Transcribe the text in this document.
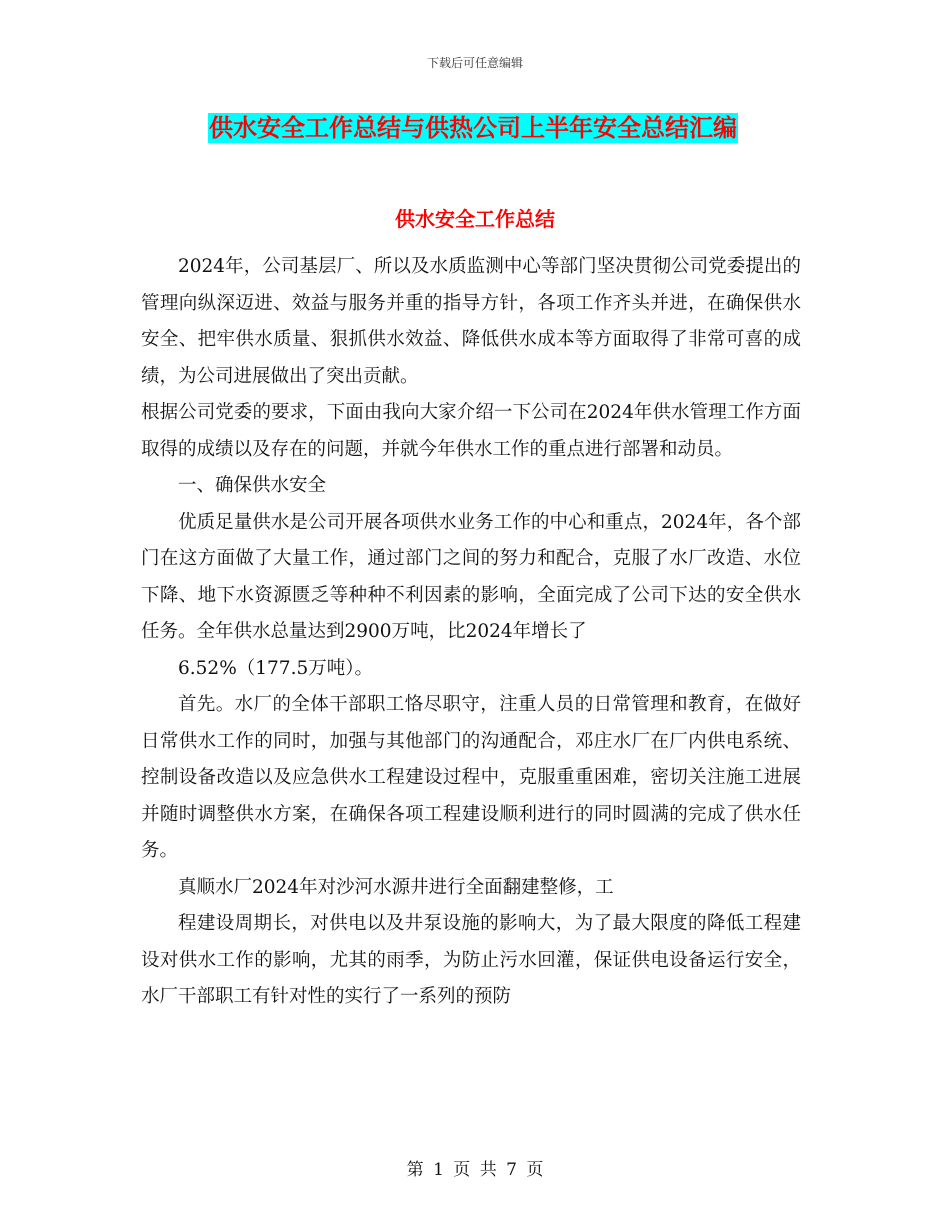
下载后可任意编辑
供水安全工作总结与供热公司上半年安全总结汇编
供水安全工作总结

2024年，公司基层厂、所以及水质监测中心等部门坚决贯彻公司党委提出的管理向纵深迈进、效益与服务并重的指导方针，各项工作齐头并进，在确保供水安全、把牢供水质量、狠抓供水效益、降低供水成本等方面取得了非常可喜的成绩，为公司进展做出了突出贡献。

根据公司党委的要求，下面由我向大家介绍一下公司在2024年供水管理工作方面取得的成绩以及存在的问题，并就今年供水工作的重点进行部署和动员。

一、确保供水安全

优质足量供水是公司开展各项供水业务工作的中心和重点，2024年，各个部门在这方面做了大量工作，通过部门之间的努力和配合，克服了水厂改造、水位下降、地下水资源匮乏等种种不利因素的影响，全面完成了公司下达的安全供水任务。全年供水总量达到2900万吨，比2024年增长了

6.52%（177.5万吨）。

首先。水厂的全体干部职工恪尽职守，注重人员的日常管理和教育，在做好日常供水工作的同时，加强与其他部门的沟通配合，邓庄水厂在厂内供电系统、控制设备改造以及应急供水工程建设过程中，克服重重困难，密切关注施工进展并随时调整供水方案，在确保各项工程建设顺利进行的同时圆满的完成了供水任务。

真顺水厂2024年对沙河水源井进行全面翻建整修，工

程建设周期长，对供电以及井泵设施的影响大，为了最大限度的降低工程建设对供水工作的影响，尤其的雨季，为防止污水回灌，保证供电设备运行安全，水厂干部职工有针对性的实行了一系列的预防

第 1 页 共 7 页
